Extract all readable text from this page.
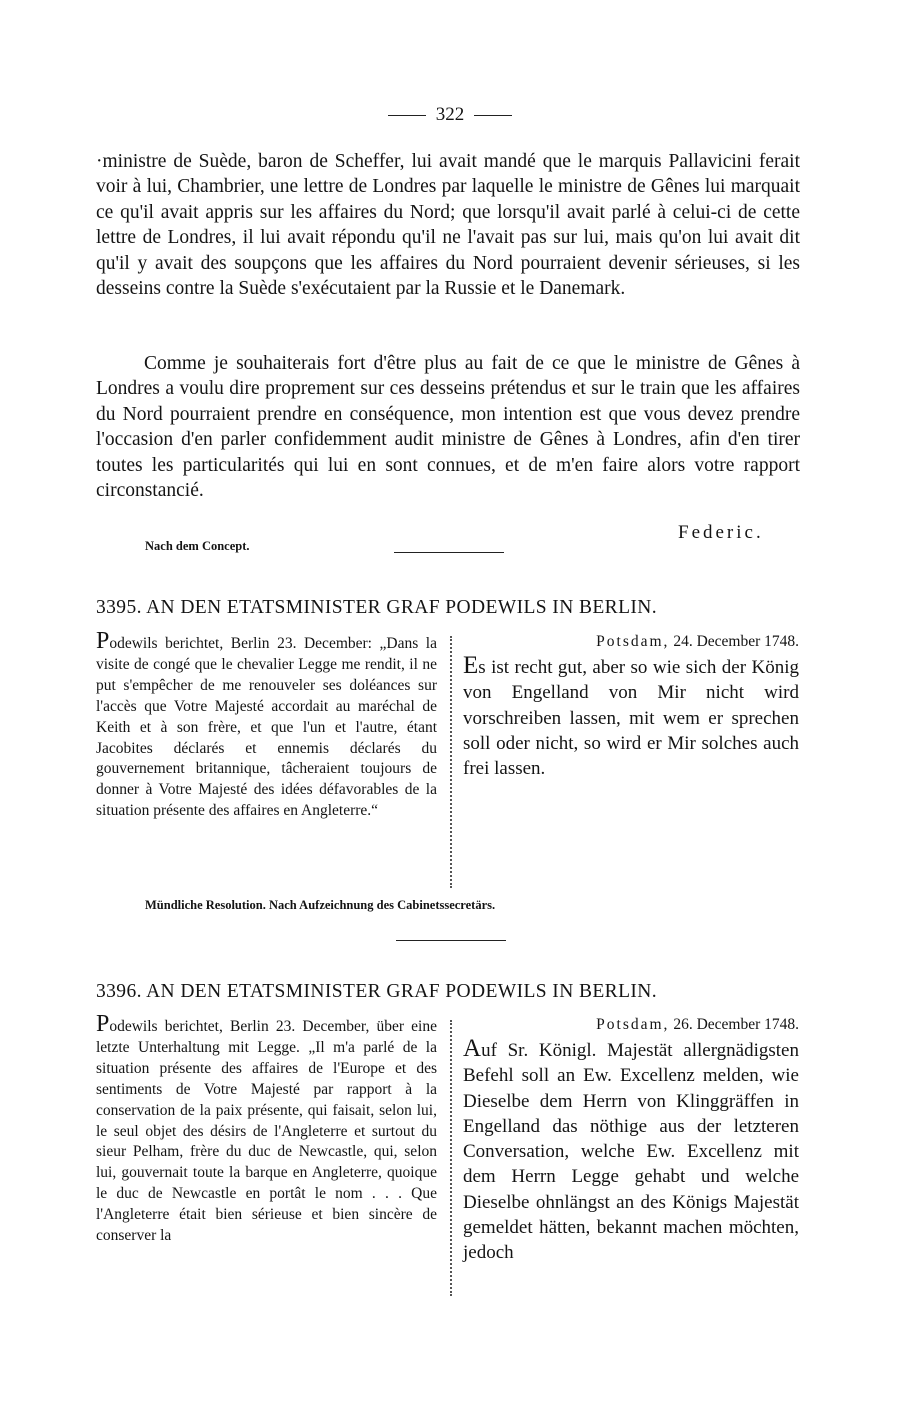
322

·ministre de Suède, baron de Scheffer, lui avait mandé que le marquis Pallavicini ferait voir à lui, Chambrier, une lettre de Londres par laquelle le ministre de Gênes lui marquait ce qu'il avait appris sur les affaires du Nord; que lorsqu'il avait parlé à celui-ci de cette lettre de Londres, il lui avait répondu qu'il ne l'avait pas sur lui, mais qu'on lui avait dit qu'il y avait des soupçons que les affaires du Nord pourraient devenir sérieuses, si les desseins contre la Suède s'exécutaient par la Russie et le Danemark.

Comme je souhaiterais fort d'être plus au fait de ce que le ministre de Gênes à Londres a voulu dire proprement sur ces desseins prétendus et sur le train que les affaires du Nord pourraient prendre en conséquence, mon intention est que vous devez prendre l'occasion d'en parler confidemment audit ministre de Gênes à Londres, afin d'en tirer toutes les particularités qui lui en sont connues, et de m'en faire alors votre rapport circonstancié.

Federic.
Nach dem Concept.
3395. AN DEN ETATSMINISTER GRAF PODEWILS IN BERLIN.

Podewils berichtet, Berlin 23. December: „Dans la visite de congé que le chevalier Legge me rendit, il ne put s'empêcher de me renouveler ses doléances sur l'accès que Votre Majesté accordait au maréchal de Keith et à son frère, et que l'un et l'autre, étant Jacobites déclarés et ennemis déclarés du gouvernement britannique, tâcheraient toujours de donner à Votre Majesté des idées défavorables de la situation présente des affaires en Angleterre.“

Potsdam, 24. December 1748.

Es ist recht gut, aber so wie sich der König von Engelland von Mir nicht wird vorschreiben lassen, mit wem er sprechen soll oder nicht, so wird er Mir solches auch frei lassen.

Mündliche Resolution. Nach Aufzeichnung des Cabinetssecretärs.
3396. AN DEN ETATSMINISTER GRAF PODEWILS IN BERLIN.

Podewils berichtet, Berlin 23. December, über eine letzte Unterhaltung mit Legge. „Il m'a parlé de la situation présente des affaires de l'Europe et des sentiments de Votre Majesté par rapport à la conservation de la paix présente, qui faisait, selon lui, le seul objet des désirs de l'Angleterre et surtout du sieur Pelham, frère du duc de Newcastle, qui, selon lui, gouvernait toute la barque en Angleterre, quoique le duc de Newcastle en portât le nom . . . Que l'Angleterre était bien sérieuse et bien sincère de conserver la

Potsdam, 26. December 1748.

Auf Sr. Königl. Majestät allergnädigsten Befehl soll an Ew. Excellenz melden, wie Dieselbe dem Herrn von Klinggräffen in Engelland das nöthige aus der letzteren Conversation, welche Ew. Excellenz mit dem Herrn Legge gehabt und welche Dieselbe ohnlängst an des Königs Majestät gemeldet hätten, bekannt machen möchten, jedoch
